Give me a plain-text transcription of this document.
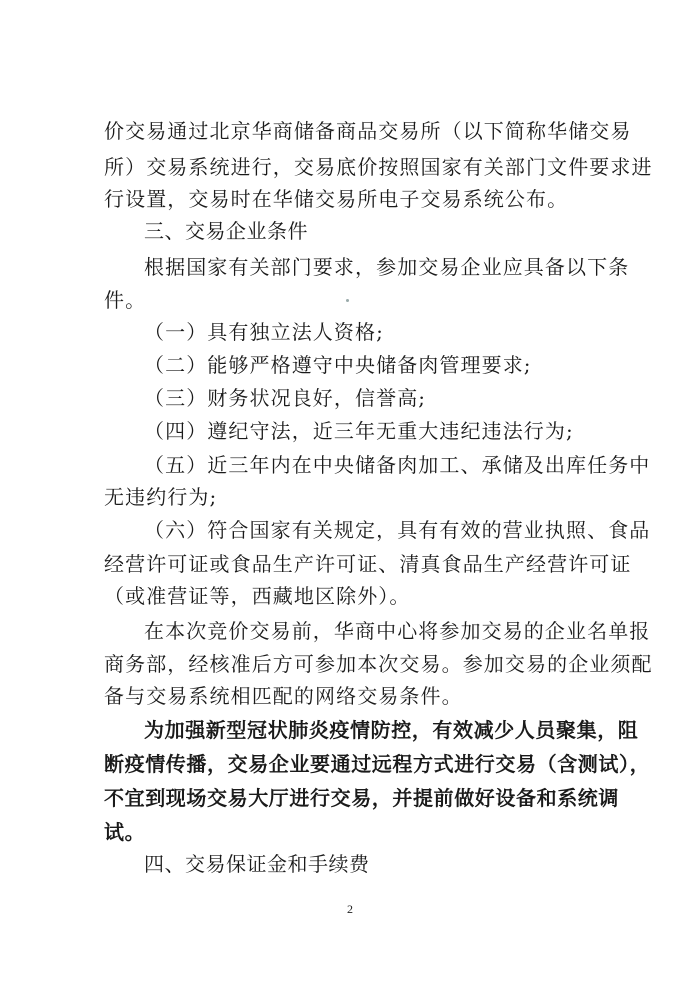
价交易通过北京华商储备商品交易所（以下简称华储交易
所）交易系统进行，交易底价按照国家有关部门文件要求进
行设置，交易时在华储交易所电子交易系统公布。
三、交易企业条件
根据国家有关部门要求，参加交易企业应具备以下条
件。
（一）具有独立法人资格;
（二）能够严格遵守中央储备肉管理要求;
（三）财务状况良好，信誉高;
（四）遵纪守法，近三年无重大违纪违法行为;
（五）近三年内在中央储备肉加工、承储及出库任务中
无违约行为;
（六）符合国家有关规定，具有有效的营业执照、食品
经营许可证或食品生产许可证、清真食品生产经营许可证
（或准营证等，西藏地区除外）。
在本次竞价交易前，华商中心将参加交易的企业名单报
商务部，经核准后方可参加本次交易。参加交易的企业须配
备与交易系统相匹配的网络交易条件。
为加强新型冠状肺炎疫情防控，有效减少人员聚集，阻
断疫情传播，交易企业要通过远程方式进行交易（含测试），
不宜到现场交易大厅进行交易，并提前做好设备和系统调
试。
四、交易保证金和手续费
2
